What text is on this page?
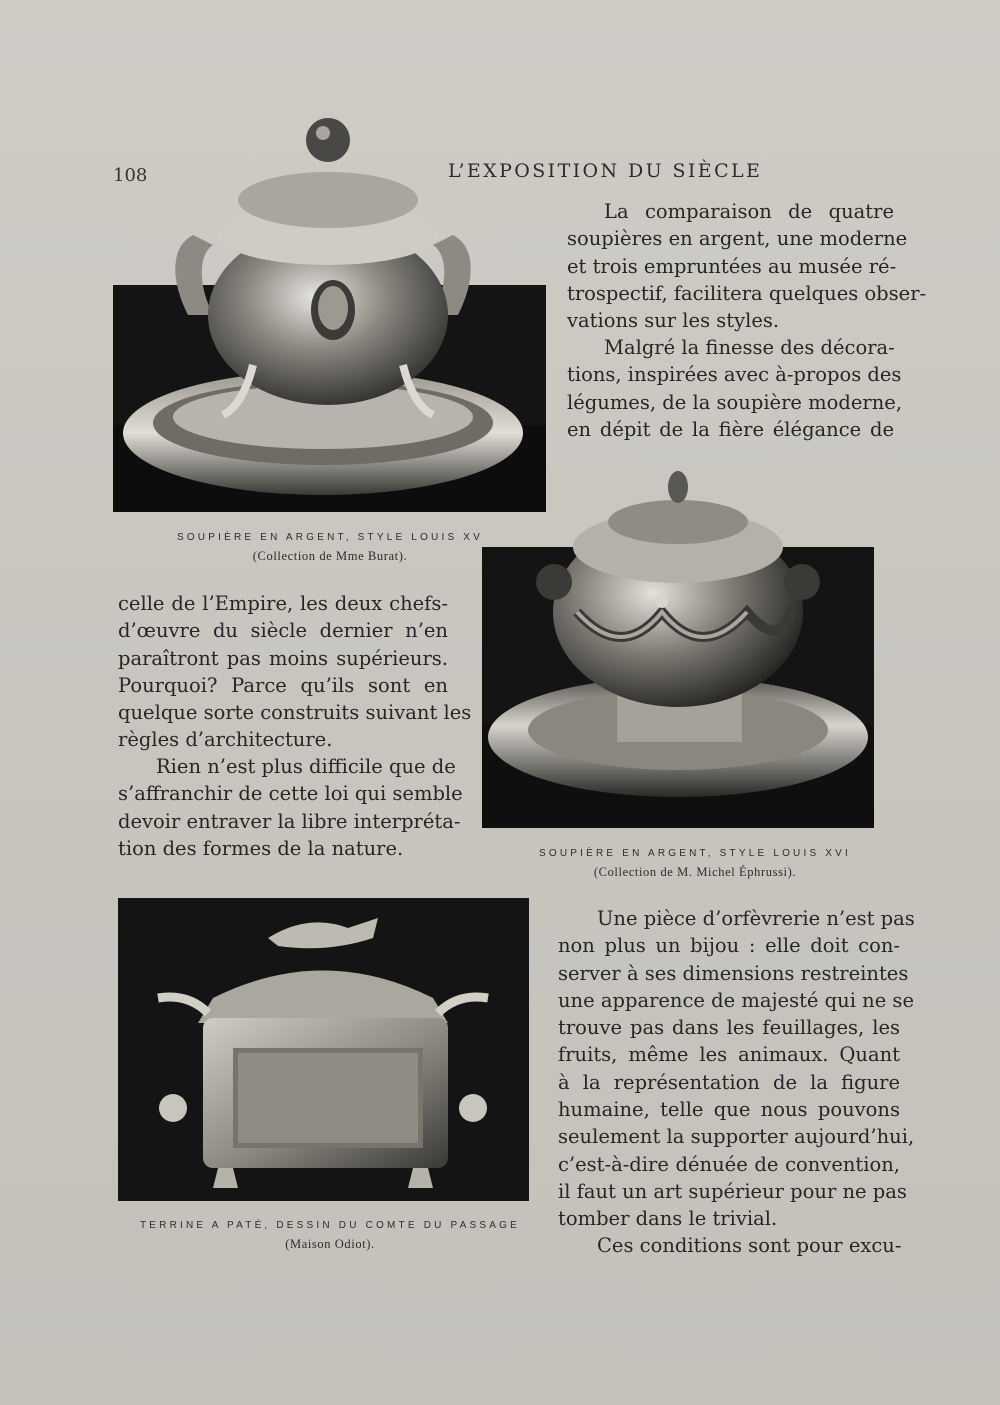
108	L’EXPOSITION DU SIÈCLE
SOUPIÈRE EN ARGENT, STYLE LOUIS XV
(Collection de Mme Burat).
SOUPIÈRE EN ARGENT, STYLE LOUIS XVI
(Collection de M. Michel Éphrussi).
TERRINE A PATÉ, DESSIN DU COMTE DU PASSAGE
(Maison Odiot).
La comparaison de quatre
soupières en argent, une moderne
et trois empruntées au musée ré-
trospectif, facilitera quelques obser-
vations sur les styles.
Malgré la finesse des décora-
tions, inspirées avec à-propos des
légumes, de la soupière moderne,
en dépit de la fière élégance de
celle de l’Empire, les deux chefs-
d’œuvre du siècle dernier n’en
paraîtront pas moins supérieurs.
Pourquoi? Parce qu’ils sont en
quelque sorte construits suivant les
règles d’architecture.
Rien n’est plus difficile que de
s’affranchir de cette loi qui semble
devoir entraver la libre interpréta-
tion des formes de la nature.
Une pièce d’orfèvrerie n’est pas
non plus un bijou : elle doit con-
server à ses dimensions restreintes
une apparence de majesté qui ne se
trouve pas dans les feuillages, les
fruits, même les animaux. Quant
à la représentation de la figure
humaine, telle que nous pouvons
seulement la supporter aujourd’hui,
c’est-à-dire dénuée de convention,
il faut un art supérieur pour ne pas
tomber dans le trivial.
Ces conditions sont pour excu-
